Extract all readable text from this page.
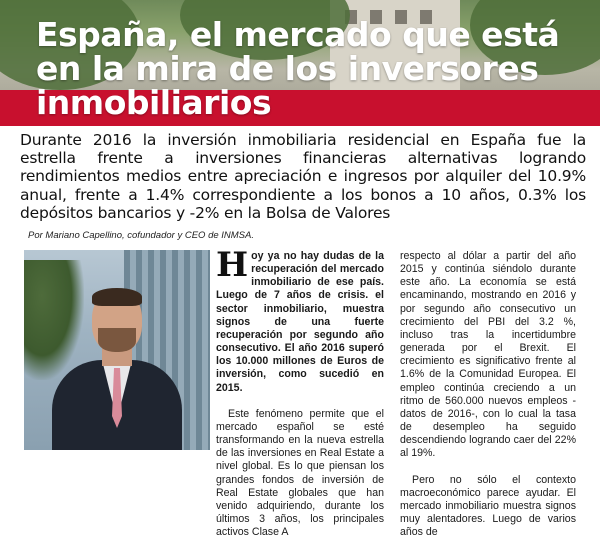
España, el mercado que está en la mira de los inversores inmobiliarios

Durante 2016 la inversión inmobiliaria residencial en España fue la estrella frente a inversiones financieras alternativas logrando rendimientos medios entre apreciación e ingresos por alquiler del 10.9% anual, frente a 1.4% correspondiente a los bonos a 10 años, 0.3% los depósitos bancarios y -2% en la Bolsa de Valores

Por Mariano Capellino, cofundador y CEO de INMSA.

Hoy ya no hay dudas de la recuperación del mercado inmobiliario de ese país. Luego de 7 años de crisis. el sector inmobiliario, muestra signos de una fuerte recuperación por segundo año consecutivo. El año 2016 superó los 10.000 millones de Euros de inversión, como sucedió en 2015.

Este fenómeno permite que el mercado español se esté transformando en la nueva estrella de las inversiones en Real Estate a nivel global. Es lo que piensan los grandes fondos de inversión de Real Estate globales que han venido adquiriendo, durante los últimos 3 años, los principales activos Clase A

respecto al dólar a partir del año 2015 y continúa siéndolo durante este año. La economía se está encaminando, mostrando en 2016 y por segundo año consecutivo un crecimiento del PBI del 3.2 %, incluso tras la incertidumbre generada por el Brexit. El crecimiento es significativo frente al 1.6% de la Comunidad Europea. El empleo continúa creciendo a un ritmo de 560.000 nuevos empleos -datos de 2016-, con lo cual la tasa de desempleo ha seguido descendiendo logrando caer del 22% al 19%.

Pero no sólo el contexto macroeconómico parece ayudar. El mercado inmobiliario muestra signos muy alentadores. Luego de varios años de
